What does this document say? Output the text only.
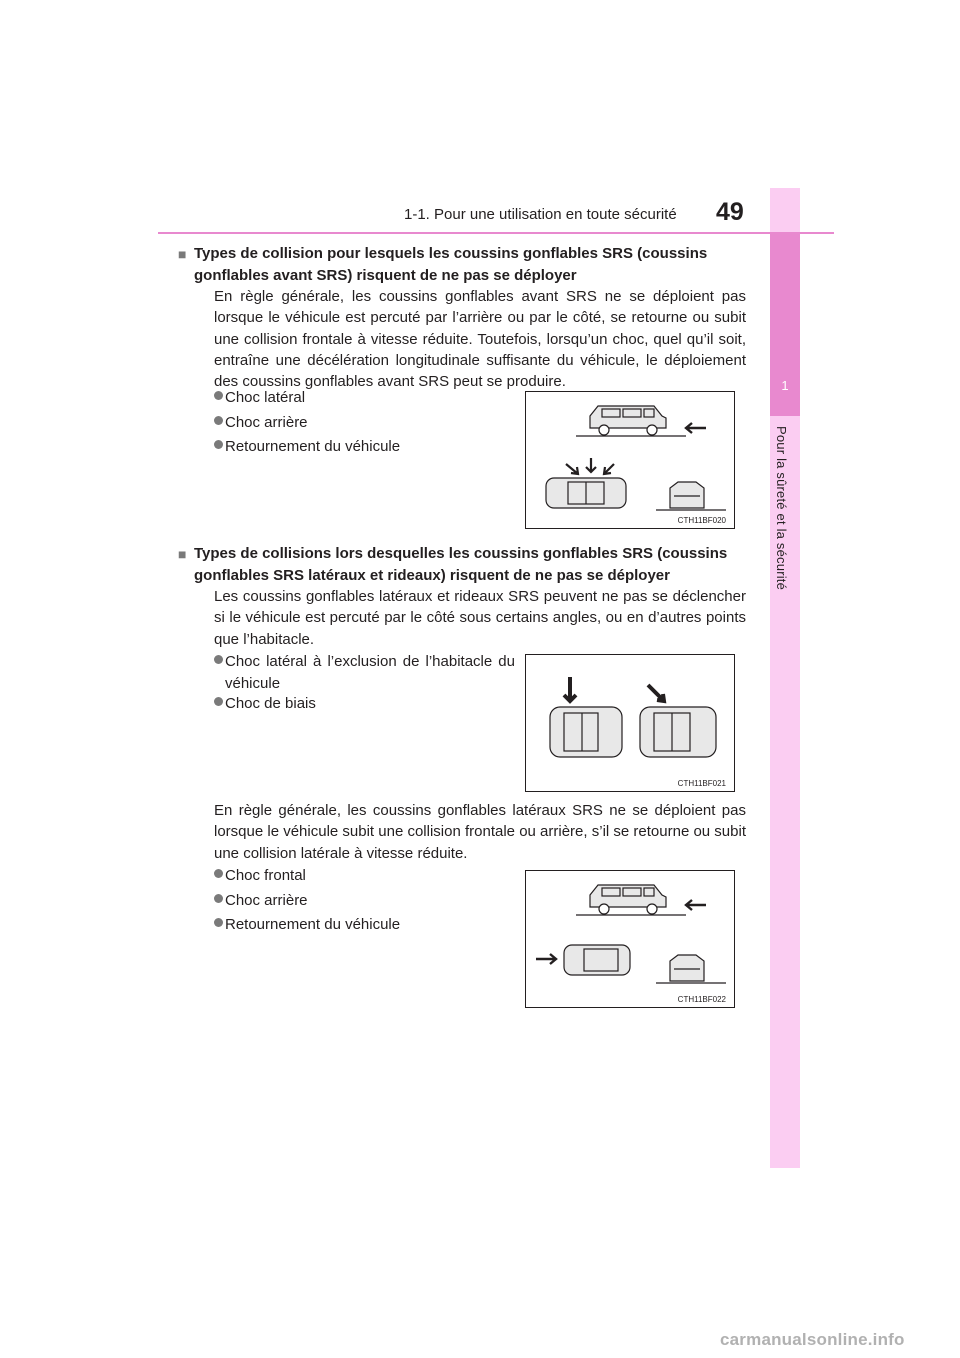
1-1. Pour une utilisation en toute sécurité 49
1
Pour la sûreté et la sécurité
■ Types de collision pour lesquels les coussins gonflables SRS (coussins gonflables avant SRS) risquent de ne pas se déployer
En règle générale, les coussins gonflables avant SRS ne se déploient pas lorsque le véhicule est percuté par l’arrière ou par le côté, se retourne ou subit une collision frontale à vitesse réduite. Toutefois, lorsqu’un choc, quel qu’il soit, entraîne une décélération longitudinale suffisante du véhicule, le déploiement des coussins gonflables avant SRS peut se produire.
Choc latéral
Choc arrière
Retournement du véhicule
CTH11BF020
■ Types de collisions lors desquelles les coussins gonflables SRS (coussins gonflables SRS latéraux et rideaux) risquent de ne pas se déployer
Les coussins gonflables latéraux et rideaux SRS peuvent ne pas se déclencher si le véhicule est percuté par le côté sous certains angles, ou en d’autres points que l’habitacle.
Choc latéral à l’exclusion de l’habitacle du véhicule
Choc de biais
CTH11BF021
En règle générale, les coussins gonflables latéraux SRS ne se déploient pas lorsque le véhicule subit une collision frontale ou arrière, s’il se retourne ou subit une collision latérale à vitesse réduite.
Choc frontal
Choc arrière
Retournement du véhicule
CTH11BF022
carmanualsonline.info
